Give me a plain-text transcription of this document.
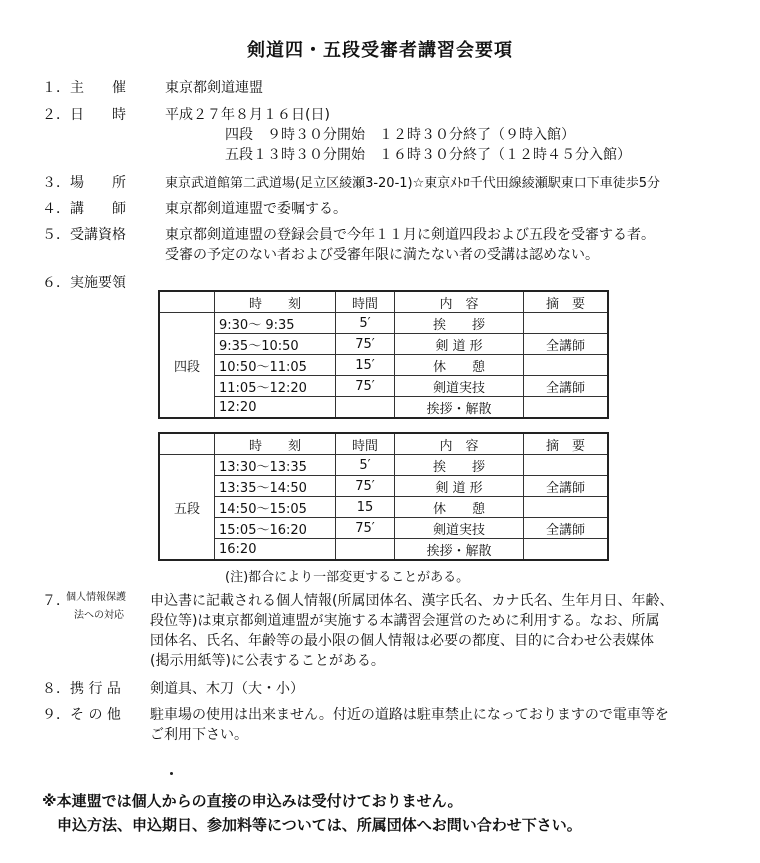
剣道四・五段受審者講習会要項
１．主　　催	東京都剣道連盟
２．日　　時	平成２７年８月１６日(日)
四段　９時３０分開始　１２時３０分終了（９時入館）
五段１３時３０分開始　１６時３０分終了（１２時４５分入館）
３．場　　所	東京武道館第二武道場(足立区綾瀬3-20-1)☆東京ﾒﾄﾛ千代田線綾瀬駅東口下車徒歩5分
４．講　　師	東京都剣道連盟で委嘱する。
５．受講資格	東京都剣道連盟の登録会員で今年１１月に剣道四段および五段を受審する者。
受審の予定のない者および受審年限に満たない者の受講は認めない。
６．実施要領
	時　　刻	時間	内　容	摘　要
四段	9:30～ 9:35	5′	挨　　拶	
	9:35～10:50	75′	剣 道 形	全講師
	10:50～11:05	15′	休　　憩	
	11:05～12:20	75′	剣道実技	全講師
	12:20		挨拶・解散	
	時　　刻	時間	内　容	摘　要
五段	13:30～13:35	5′	挨　　拶	
	13:35～14:50	75′	剣 道 形	全講師
	14:50～15:05	15	休　　憩	
	15:05～16:20	75′	剣道実技	全講師
	16:20		挨拶・解散	
(注)都合により一部変更することがある。
７．
個人情報保護
法への対応
申込書に記載される個人情報(所属団体名、漢字氏名、カナ氏名、生年月日、年齢、
段位等)は東京都剣道連盟が実施する本講習会運営のために利用する。なお、所属
団体名、氏名、年齢等の最小限の個人情報は必要の都度、目的に合わせ公表媒体
(掲示用紙等)に公表することがある。
８．携 行 品 剣道具、木刀（大・小）
９．そ の 他 駐車場の使用は出来ません。付近の道路は駐車禁止になっておりますので電車等を
ご利用下さい。
※本連盟では個人からの直接の申込みは受付けておりません。
　申込方法、申込期日、参加料等については、所属団体へお問い合わせ下さい。
